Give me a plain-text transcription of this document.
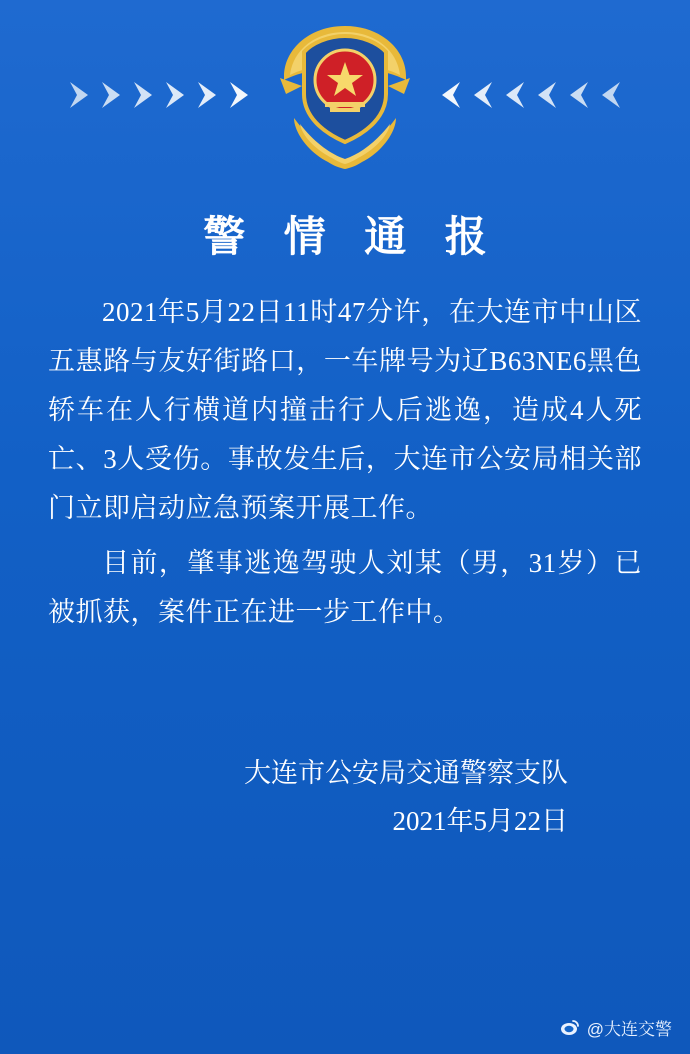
警 情 通 报

2021年5月22日11时47分许，在大连市中山区五惠路与友好街路口，一车牌号为辽B63NE6黑色轿车在人行横道内撞击行人后逃逸，造成4人死亡、3人受伤。事故发生后，大连市公安局相关部门立即启动应急预案开展工作。

目前，肇事逃逸驾驶人刘某（男，31岁）已被抓获，案件正在进一步工作中。

大连市公安局交通警察支队
2021年5月22日
@大连交警
